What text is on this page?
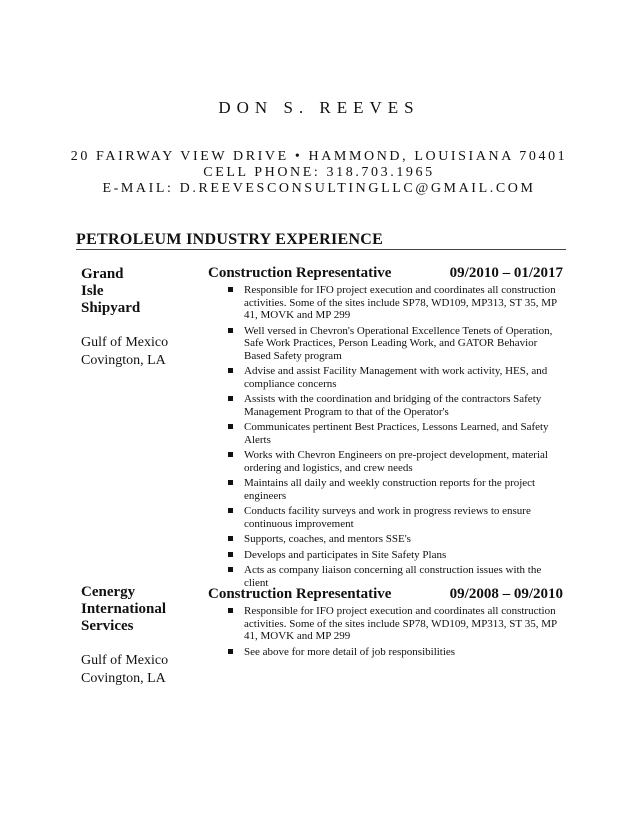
DON S. REEVES
20 FAIRWAY VIEW DRIVE • HAMMOND, LOUISIANA 70401
CELL PHONE: 318.703.1965
E-MAIL: D.REEVESCONSULTINGLLC@GMAIL.COM
PETROLEUM INDUSTRY EXPERIENCE
Grand
Isle
Shipyard
Gulf of Mexico
Covington, LA
Construction Representative	09/2010 – 01/2017
Responsible for IFO project execution and coordinates all construction activities. Some of the sites include SP78, WD109, MP313, ST 35, MP 41, MOVK and MP 299
Well versed in Chevron's Operational Excellence Tenets of Operation, Safe Work Practices, Person Leading Work, and GATOR Behavior Based Safety program
Advise and assist Facility Management with work activity, HES, and compliance concerns
Assists with the coordination and bridging of the contractors Safety Management Program to that of the Operator's
Communicates pertinent Best Practices, Lessons Learned, and Safety Alerts
Works with Chevron Engineers on pre-project development, material ordering and logistics, and crew needs
Maintains all daily and weekly construction reports for the project engineers
Conducts facility surveys and work in progress reviews to ensure continuous improvement
Supports, coaches, and mentors SSE's
Develops and participates in Site Safety Plans
Acts as company liaison concerning all construction issues with the client
Cenergy
International
Services
Gulf of Mexico
Covington, LA
Construction Representative	09/2008 – 09/2010
Responsible for IFO project execution and coordinates all construction activities. Some of the sites include SP78, WD109, MP313, ST 35, MP 41, MOVK and MP 299
See above for more detail of job responsibilities
